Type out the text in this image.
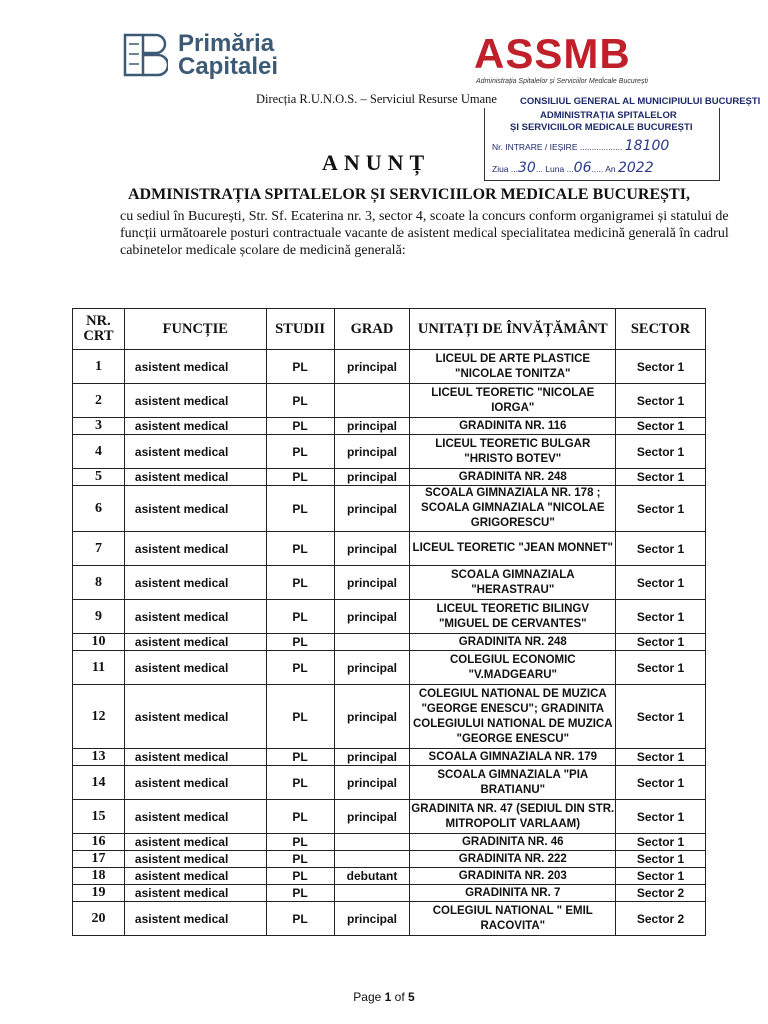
Primăria
Capitalei	ASSMB
Administrația Spitalelor și Serviciilor Medicale București
Direcția R.U.N.O.S. – Serviciul Resurse Umane CONSILIUL GENERAL AL MUNICIPIULUI BUCUREȘTI
ADMINISTRAȚIA SPITALELOR
ȘI SERVICIILOR MEDICALE BUCUREȘTI
Nr. INTRARE / IEȘIRE .................. 18100
Ziua ...30... Luna ...06..... An 2022
ANUNȚ
ADMINISTRAȚIA SPITALELOR ȘI SERVICIILOR MEDICALE BUCUREȘTI,
cu sediul în București, Str. Sf. Ecaterina nr. 3, sector 4, scoate la concurs conform organigramei și statului de funcții următoarele posturi contractuale vacante de asistent medical specialitatea medicină generală în cadrul cabinetelor medicale școlare de medicină generală:
NR. CRT	FUNCȚIE	STUDII	GRAD	UNITAȚI DE ÎNVĂȚĂMÂNT	SECTOR
1	asistent medical	PL	principal	LICEUL DE ARTE PLASTICE "NICOLAE TONITZA"	Sector 1
2	asistent medical	PL		LICEUL TEORETIC "NICOLAE IORGA"	Sector 1
3	asistent medical	PL	principal	GRADINITA NR. 116	Sector 1
4	asistent medical	PL	principal	LICEUL TEORETIC BULGAR "HRISTO BOTEV"	Sector 1
5	asistent medical	PL	principal	GRADINITA NR. 248	Sector 1
6	asistent medical	PL	principal	SCOALA GIMNAZIALA NR. 178 ; SCOALA GIMNAZIALA "NICOLAE GRIGORESCU"	Sector 1
7	asistent medical	PL	principal	LICEUL TEORETIC "JEAN MONNET"	Sector 1
8	asistent medical	PL	principal	SCOALA GIMNAZIALA "HERASTRAU"	Sector 1
9	asistent medical	PL	principal	LICEUL TEORETIC BILINGV "MIGUEL DE CERVANTES"	Sector 1
10	asistent medical	PL		GRADINITA NR. 248	Sector 1
11	asistent medical	PL	principal	COLEGIUL ECONOMIC "V.MADGEARU"	Sector 1
12	asistent medical	PL	principal	COLEGIUL NATIONAL DE MUZICA "GEORGE ENESCU"; GRADINITA COLEGIULUI NATIONAL DE MUZICA "GEORGE ENESCU"	Sector 1
13	asistent medical	PL	principal	SCOALA GIMNAZIALA NR. 179	Sector 1
14	asistent medical	PL	principal	SCOALA GIMNAZIALA "PIA BRATIANU"	Sector 1
15	asistent medical	PL	principal	GRADINITA NR. 47 (SEDIUL DIN STR. MITROPOLIT VARLAAM)	Sector 1
16	asistent medical	PL		GRADINITA NR. 46	Sector 1
17	asistent medical	PL		GRADINITA NR. 222	Sector 1
18	asistent medical	PL	debutant	GRADINITA NR. 203	Sector 1
19	asistent medical	PL		GRADINITA NR. 7	Sector 2
20	asistent medical	PL	principal	COLEGIUL NATIONAL " EMIL RACOVITA"	Sector 2
Page 1 of 5
